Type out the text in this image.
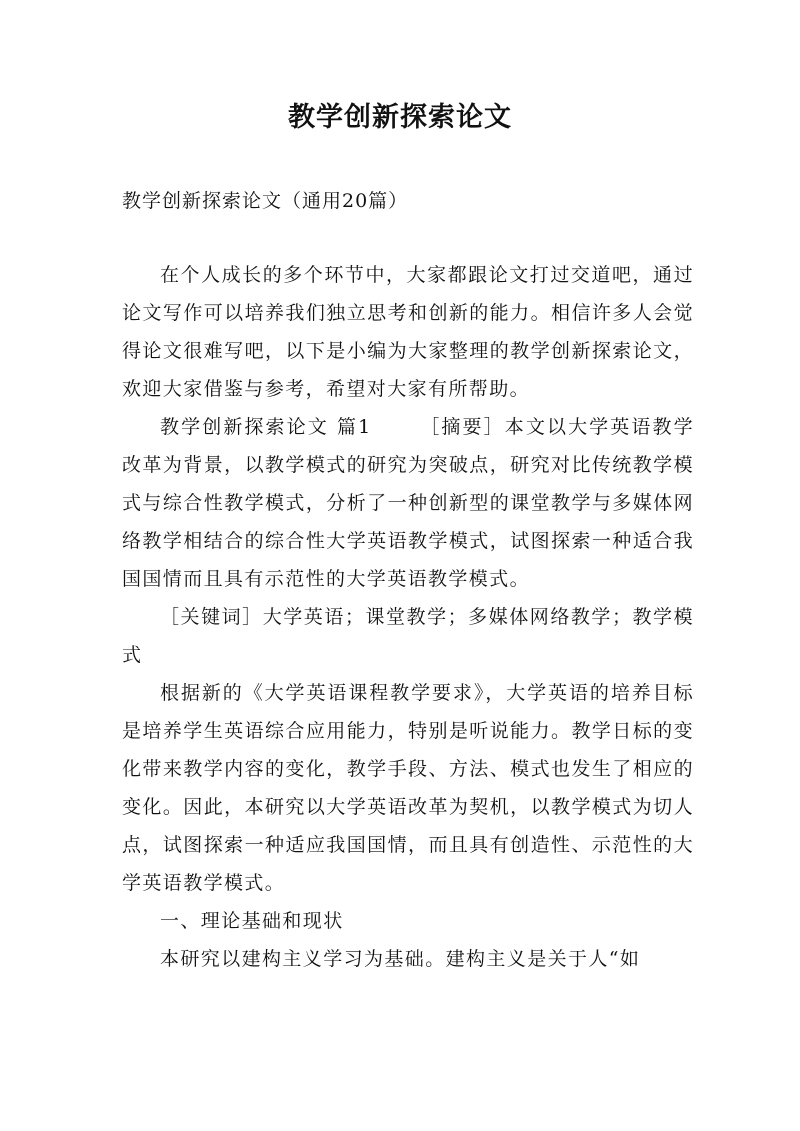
教学创新探索论文
教学创新探索论文（通用20篇）

在个人成长的多个环节中，大家都跟论文打过交道吧，通过论文写作可以培养我们独立思考和创新的能力。相信许多人会觉得论文很难写吧，以下是小编为大家整理的教学创新探索论文，欢迎大家借鉴与参考，希望对大家有所帮助。

教学创新探索论文 篇1	［摘要］本文以大学英语教学改革为背景，以教学模式的研究为突破点，研究对比传统教学模式与综合性教学模式，分析了一种创新型的课堂教学与多媒体网络教学相结合的综合性大学英语教学模式，试图探索一种适合我国国情而且具有示范性的大学英语教学模式。

［关键词］大学英语；课堂教学；多媒体网络教学；教学模式

根据新的《大学英语课程教学要求》，大学英语的培养目标是培养学生英语综合应用能力，特别是听说能力。教学日标的变化带来教学内容的变化，教学手段、方法、模式也发生了相应的变化。因此，本研究以大学英语改革为契机，以教学模式为切人点，试图探索一种适应我国国情，而且具有创造性、示范性的大学英语教学模式。

一、理论基础和现状

本研究以建构主义学习为基础。建构主义是关于人“如
